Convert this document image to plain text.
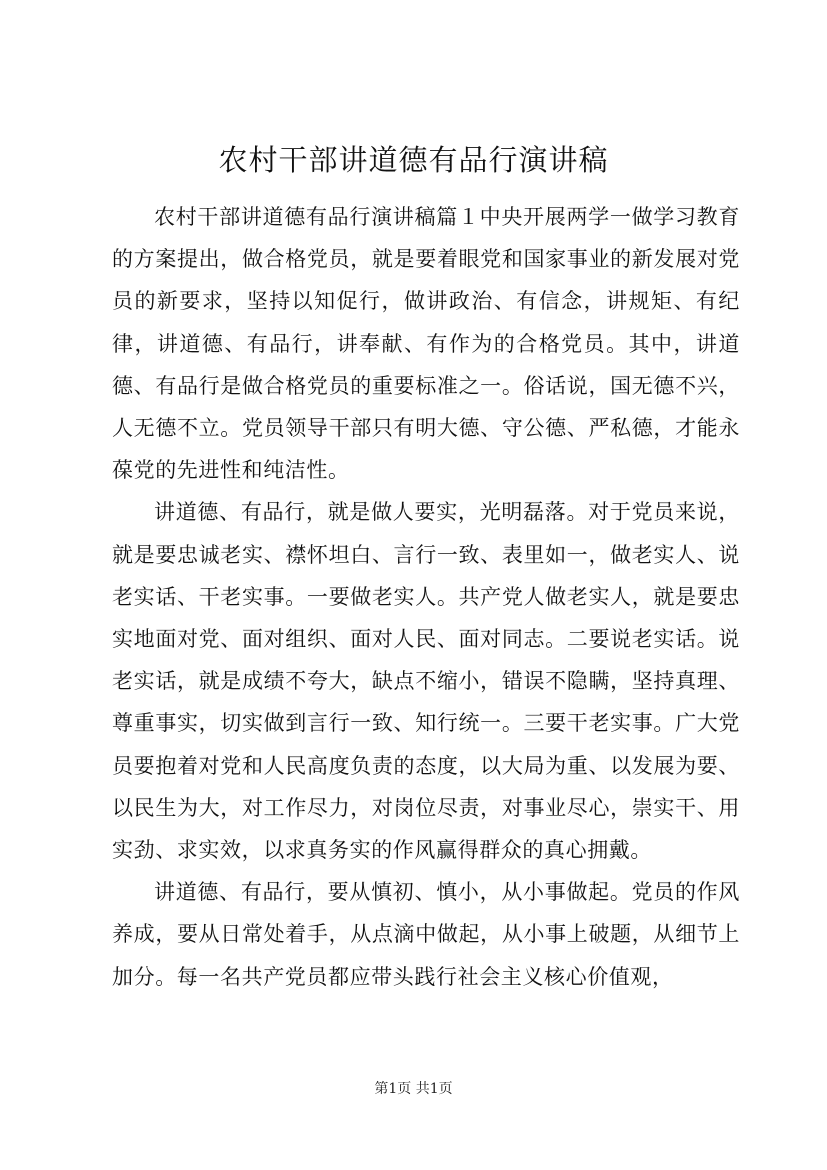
农村干部讲道德有品行演讲稿

农村干部讲道德有品行演讲稿篇１中央开展两学一做学习教育的方案提出，做合格党员，就是要着眼党和国家事业的新发展对党员的新要求，坚持以知促行，做讲政治、有信念，讲规矩、有纪律，讲道德、有品行，讲奉献、有作为的合格党员。其中，讲道德、有品行是做合格党员的重要标准之一。俗话说，国无德不兴，人无德不立。党员领导干部只有明大德、守公德、严私德，才能永葆党的先进性和纯洁性。

讲道德、有品行，就是做人要实，光明磊落。对于党员来说，就是要忠诚老实、襟怀坦白、言行一致、表里如一，做老实人、说老实话、干老实事。一要做老实人。共产党人做老实人，就是要忠实地面对党、面对组织、面对人民、面对同志。二要说老实话。说老实话，就是成绩不夸大，缺点不缩小，错误不隐瞒，坚持真理、尊重事实，切实做到言行一致、知行统一。三要干老实事。广大党员要抱着对党和人民高度负责的态度，以大局为重、以发展为要、以民生为大，对工作尽力，对岗位尽责，对事业尽心，崇实干、用实劲、求实效，以求真务实的作风赢得群众的真心拥戴。

讲道德、有品行，要从慎初、慎小，从小事做起。党员的作风养成，要从日常处着手，从点滴中做起，从小事上破题，从细节上加分。每一名共产党员都应带头践行社会主义核心价值观，

第1页 共1页
